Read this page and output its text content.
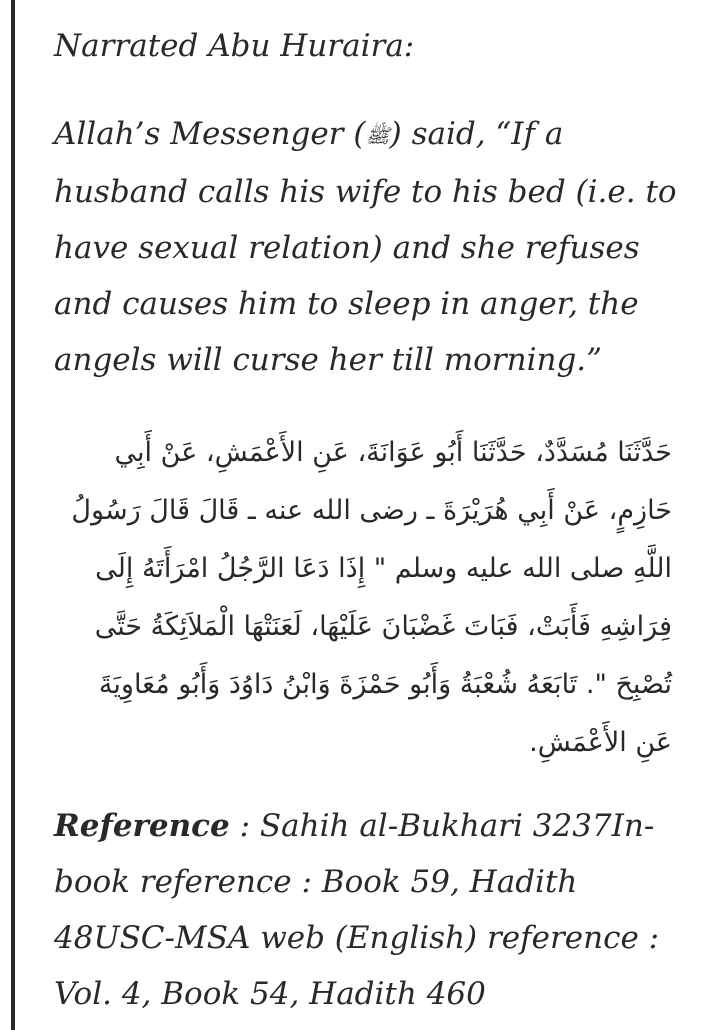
Narrated Abu Huraira:

Allah’s Messenger (ﷺ) said, “If a husband calls his wife to his bed (i.e. to have sexual relation) and she refuses and causes him to sleep in anger, the angels will curse her till morning.”

حَدَّثَنَا مُسَدَّدٌ، حَدَّثَنَا أَبُو عَوَانَةَ، عَنِ الأَعْمَشِ، عَنْ أَبِي حَازِمٍ، عَنْ أَبِي هُرَيْرَةَ ـ رضى الله عنه ـ قَالَ قَالَ رَسُولُ اللَّهِ صلى الله عليه وسلم ‏"‏ إِذَا دَعَا الرَّجُلُ امْرَأَتَهُ إِلَى فِرَاشِهِ فَأَبَتْ، فَبَاتَ غَضْبَانَ عَلَيْهَا، لَعَنَتْهَا الْمَلاَئِكَةُ حَتَّى تُصْبِحَ ‏"‏‏.‏ تَابَعَهُ شُعْبَةُ وَأَبُو حَمْزَةَ وَابْنُ دَاوُدَ وَأَبُو مُعَاوِيَةَ عَنِ الأَعْمَشِ‏.‏

Reference : Sahih al-Bukhari 3237In-book reference : Book 59, Hadith 48USC-MSA web (English) reference : Vol. 4, Book 54, Hadith 460
